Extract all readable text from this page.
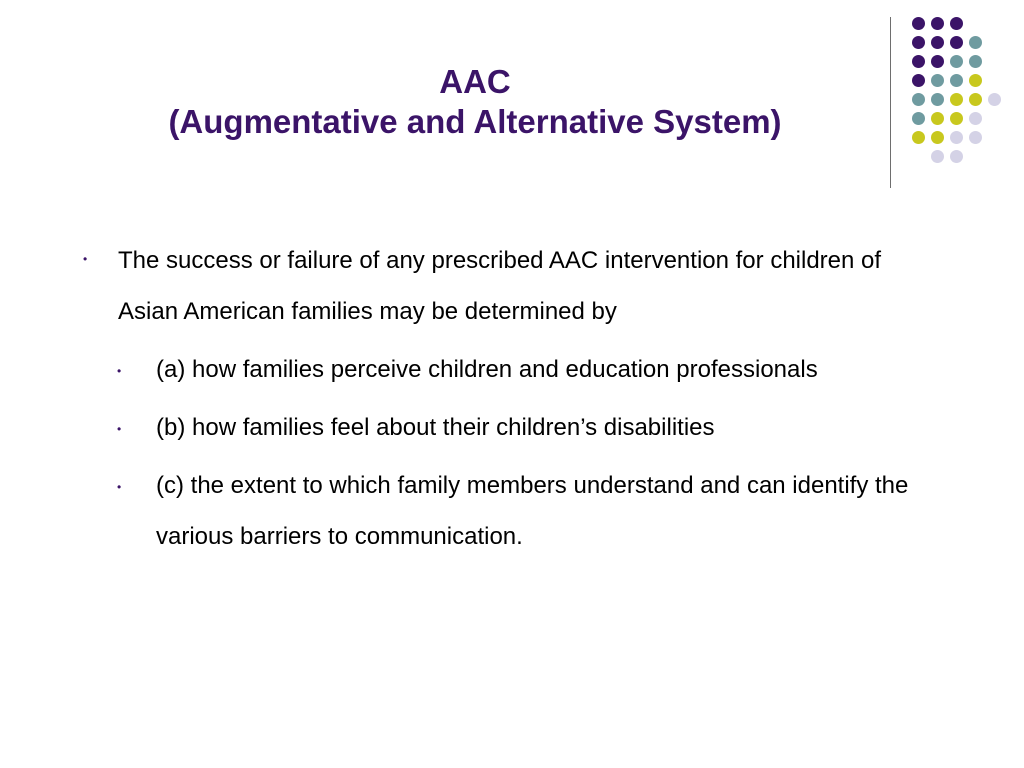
AAC
(Augmentative and Alternative System)
• The success or failure of any prescribed AAC intervention for children of Asian American families may be determined by
• (a) how families perceive children and education professionals
• (b) how families feel about their children’s disabilities
• (c) the extent to which family members understand and can identify the various barriers to communication.
